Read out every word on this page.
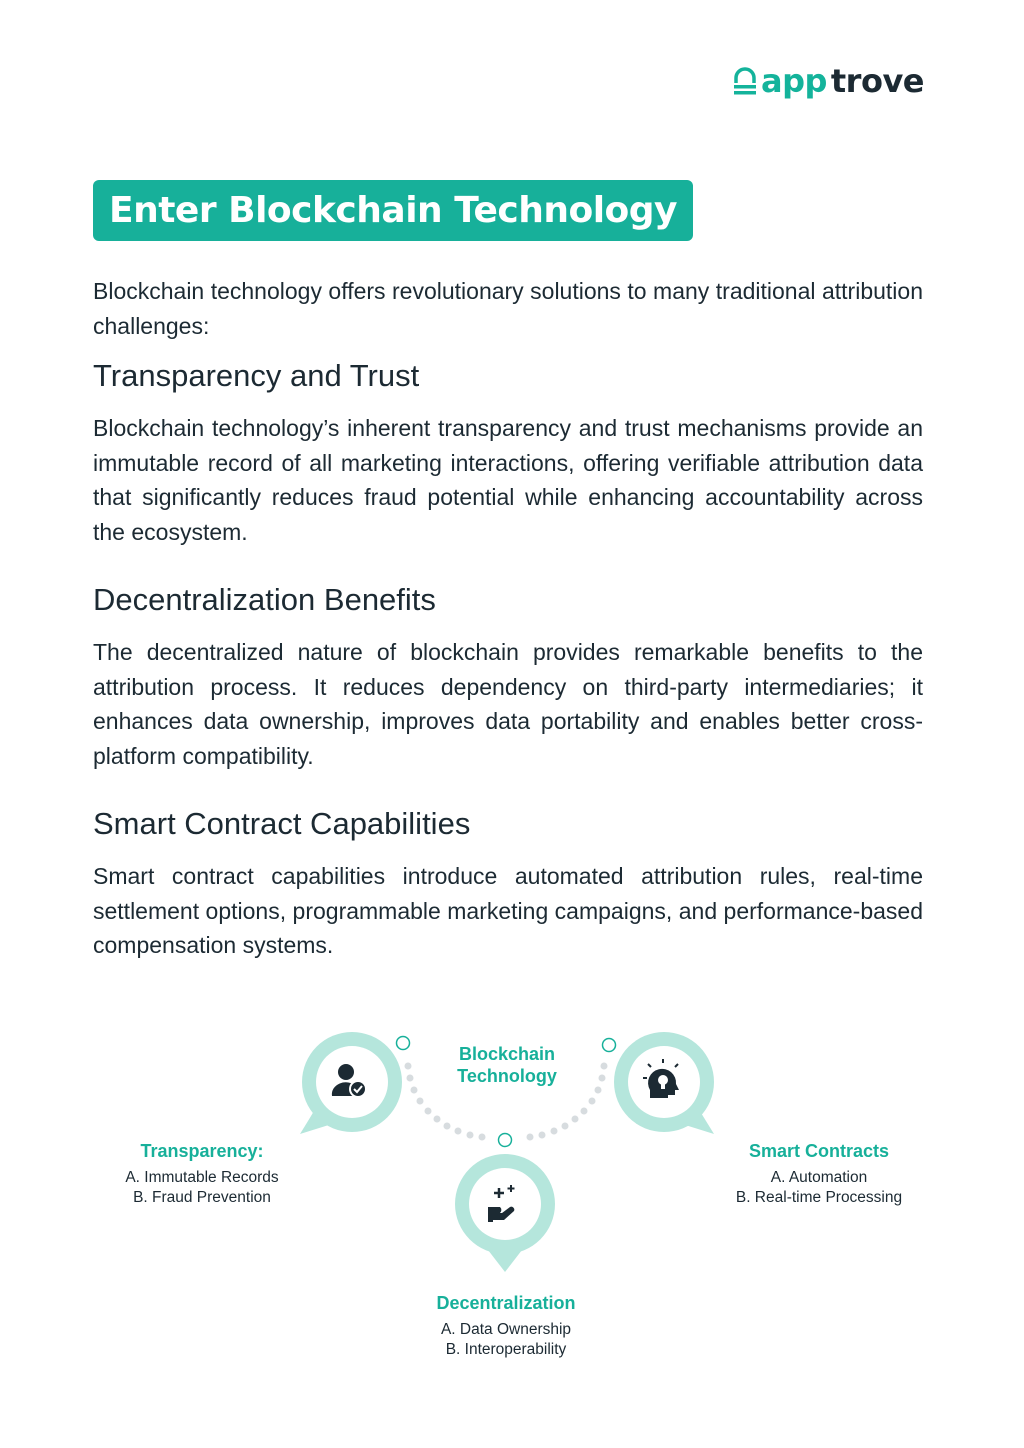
app trove
Enter Blockchain Technology

Blockchain technology offers revolutionary solutions to many traditional attribution challenges:

Transparency and Trust

Blockchain technology’s inherent transparency and trust mechanisms provide an immutable record of all marketing interactions, offering verifiable attribution data that significantly reduces fraud potential while enhancing accountability across the ecosystem.

Decentralization Benefits

The decentralized nature of blockchain provides remarkable benefits to the attribution process. It reduces dependency on third-party intermediaries; it enhances data ownership, improves data portability and enables better cross-platform compatibility.

Smart Contract Capabilities

Smart contract capabilities introduce automated attribution rules, real-time settlement options, programmable marketing campaigns, and performance-based compensation systems.

Blockchain
Technology
Transparency:
A. Immutable Records
B. Fraud Prevention
Smart Contracts
A. Automation
B. Real-time Processing
Decentralization
A. Data Ownership
B. Interoperability
